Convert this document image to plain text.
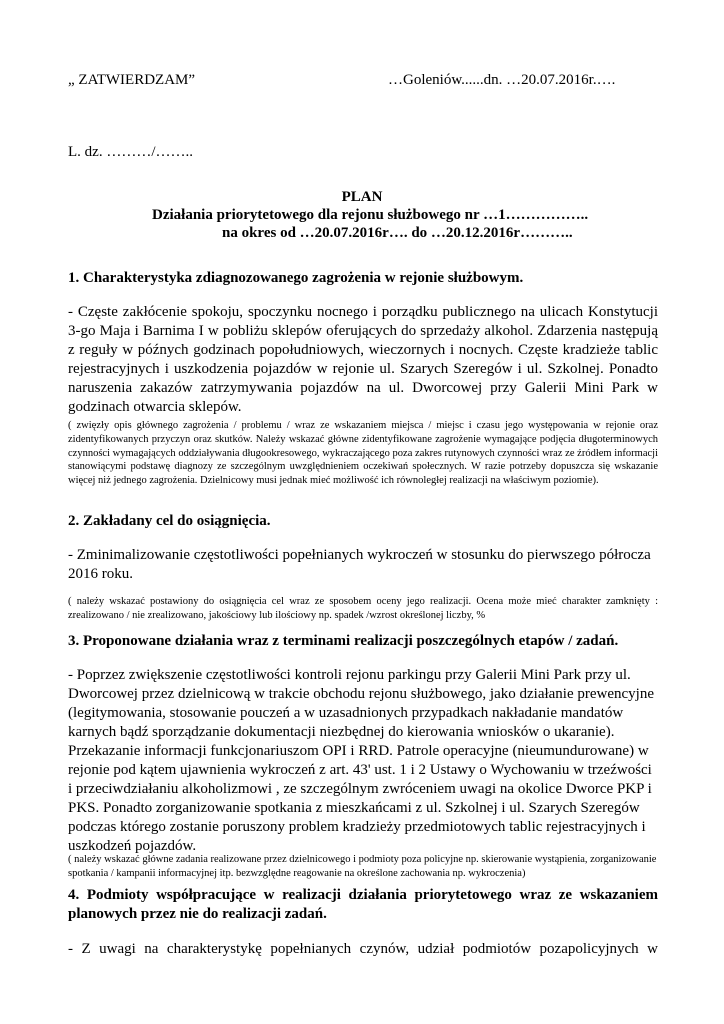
„ ZATWIERDZAM”	…Goleniów......dn. …20.07.2016r.….
L. dz. ………/……..
PLAN
Działania priorytetowego dla rejonu służbowego nr …1……………..
na okres od …20.07.2016r…. do …20.12.2016r………..
1. Charakterystyka zdiagnozowanego zagrożenia w rejonie służbowym.
- Częste zakłócenie spokoju, spoczynku nocnego i porządku publicznego na ulicach Konstytucji 3-go Maja i Barnima I w pobliżu sklepów oferujących do sprzedaży alkohol. Zdarzenia następują z reguły w późnych godzinach popołudniowych, wieczornych i nocnych. Częste kradzieże tablic rejestracyjnych i uszkodzenia pojazdów w rejonie ul. Szarych Szeregów i ul. Szkolnej. Ponadto naruszenia zakazów zatrzymywania pojazdów na ul. Dworcowej przy Galerii Mini Park w godzinach otwarcia sklepów.
( zwięzły opis głównego zagrożenia / problemu / wraz ze wskazaniem miejsca / miejsc i czasu jego występowania w rejonie oraz zidentyfikowanych przyczyn oraz skutków. Należy wskazać główne zidentyfikowane zagrożenie wymagające podjęcia długoterminowych czynności wymagających oddziaływania długookresowego, wykraczającego poza zakres rutynowych czynności wraz ze źródłem informacji stanowiącymi podstawę diagnozy ze szczególnym uwzględnieniem oczekiwań społecznych. W razie potrzeby dopuszcza się wskazanie więcej niż jednego zagrożenia. Dzielnicowy musi jednak mieć możliwość ich równoległej realizacji na właściwym poziomie).
2. Zakładany cel do osiągnięcia.
- Zminimalizowanie częstotliwości popełnianych wykroczeń w stosunku do pierwszego półrocza 2016 roku.
( należy wskazać postawiony do osiągnięcia cel wraz ze sposobem oceny jego realizacji. Ocena może mieć charakter zamknięty : zrealizowano / nie zrealizowano, jakościowy lub ilościowy np. spadek /wzrost określonej liczby, %
3. Proponowane działania wraz z terminami realizacji poszczególnych etapów / zadań.
- Poprzez zwiększenie częstotliwości kontroli rejonu parkingu przy Galerii Mini Park przy ul. Dworcowej przez dzielnicową w trakcie obchodu rejonu służbowego, jako działanie prewencyjne (legitymowania, stosowanie pouczeń a w uzasadnionych przypadkach nakładanie mandatów karnych bądź sporządzanie dokumentacji niezbędnej do kierowania wniosków o ukaranie). Przekazanie informacji funkcjonariuszom OPI i RRD. Patrole operacyjne (nieumundurowane) w rejonie pod kątem ujawnienia wykroczeń z art. 43' ust. 1 i 2 Ustawy o Wychowaniu w trzeźwości i przeciwdziałaniu alkoholizmowi , ze szczególnym zwróceniem uwagi na okolice Dworce PKP i PKS. Ponadto zorganizowanie spotkania z mieszkańcami z ul. Szkolnej i ul. Szarych Szeregów podczas którego zostanie poruszony problem kradzieży przedmiotowych tablic rejestracyjnych i uszkodzeń pojazdów.
( należy wskazać główne zadania realizowane przez dzielnicowego i podmioty poza policyjne np. skierowanie wystąpienia, zorganizowanie spotkania / kampanii informacyjnej itp. bezwzględne reagowanie na określone zachowania np. wykroczenia)
4. Podmioty współpracujące w realizacji działania priorytetowego wraz ze wskazaniem planowych przez nie do realizacji zadań.
- Z uwagi na charakterystykę popełnianych czynów, udział podmiotów pozapolicyjnych w
